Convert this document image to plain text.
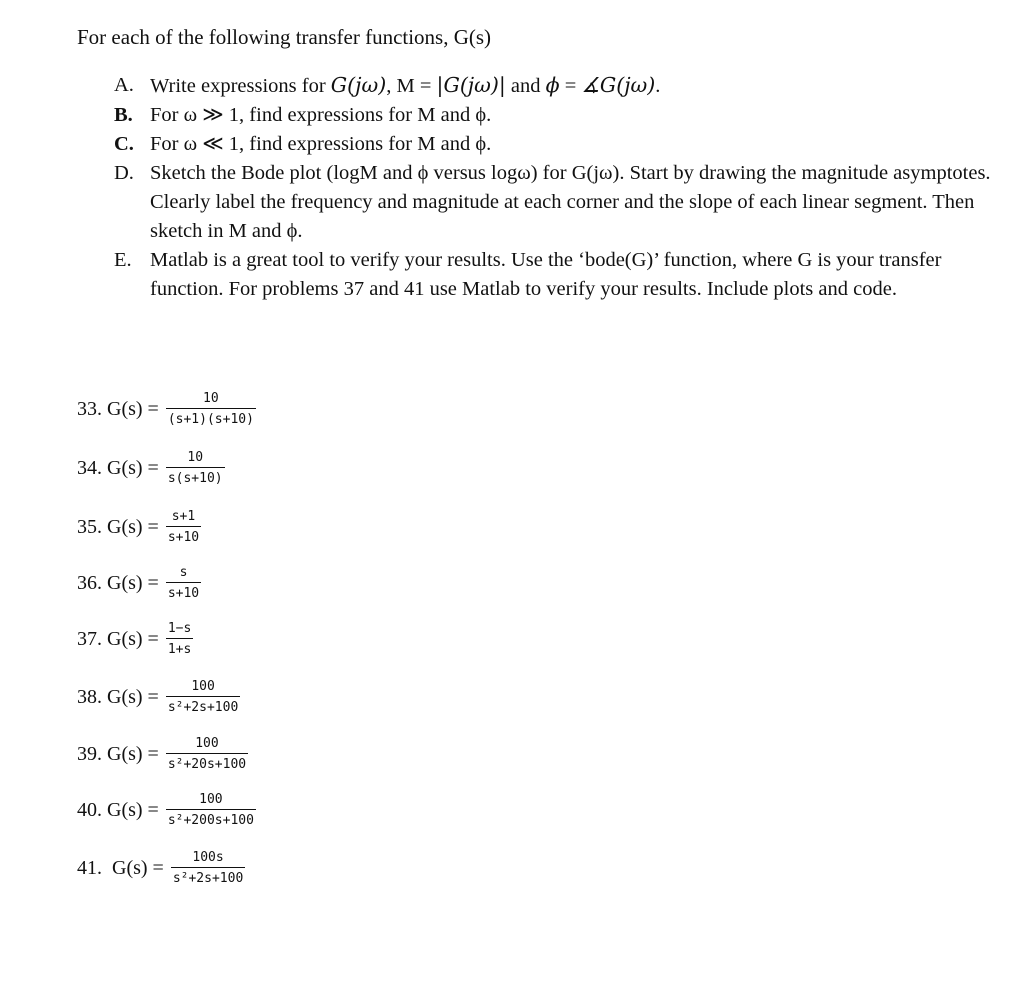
For each of the following transfer functions, G(s)
A. Write expressions for G(jω), M = |G(jω)| and ϕ = ∡G(jω).
B. For ω ≫ 1, find expressions for M and ϕ.
C. For ω ≪ 1, find expressions for M and ϕ.
D. Sketch the Bode plot (logM and ϕ versus logω) for G(jω). Start by drawing the magnitude asymptotes. Clearly label the frequency and magnitude at each corner and the slope of each linear segment. Then sketch in M and ϕ.
E. Matlab is a great tool to verify your results. Use the ‘bode(G)’ function, where G is your transfer function. For problems 37 and 41 use Matlab to verify your results. Include plots and code.
33. $G(s) = \frac{10}{(s+1)(s+10)}$
34. $G(s) = \frac{10}{s(s+10)}$
35. $G(s) = \frac{s+1}{s+10}$
36. $G(s) = \frac{s}{s+10}$
37. $G(s) = \frac{1-s}{1+s}$
38. $G(s) = \frac{100}{\text{s²+2s+100}}$
39. $G(s) = \frac{100}{\text{s²+20s+100}}$
40. $G(s) = \frac{100}{\text{s²+200s+100}}$
41.  $G(s) = \frac{100s}{\text{s²+2s+100}}$
